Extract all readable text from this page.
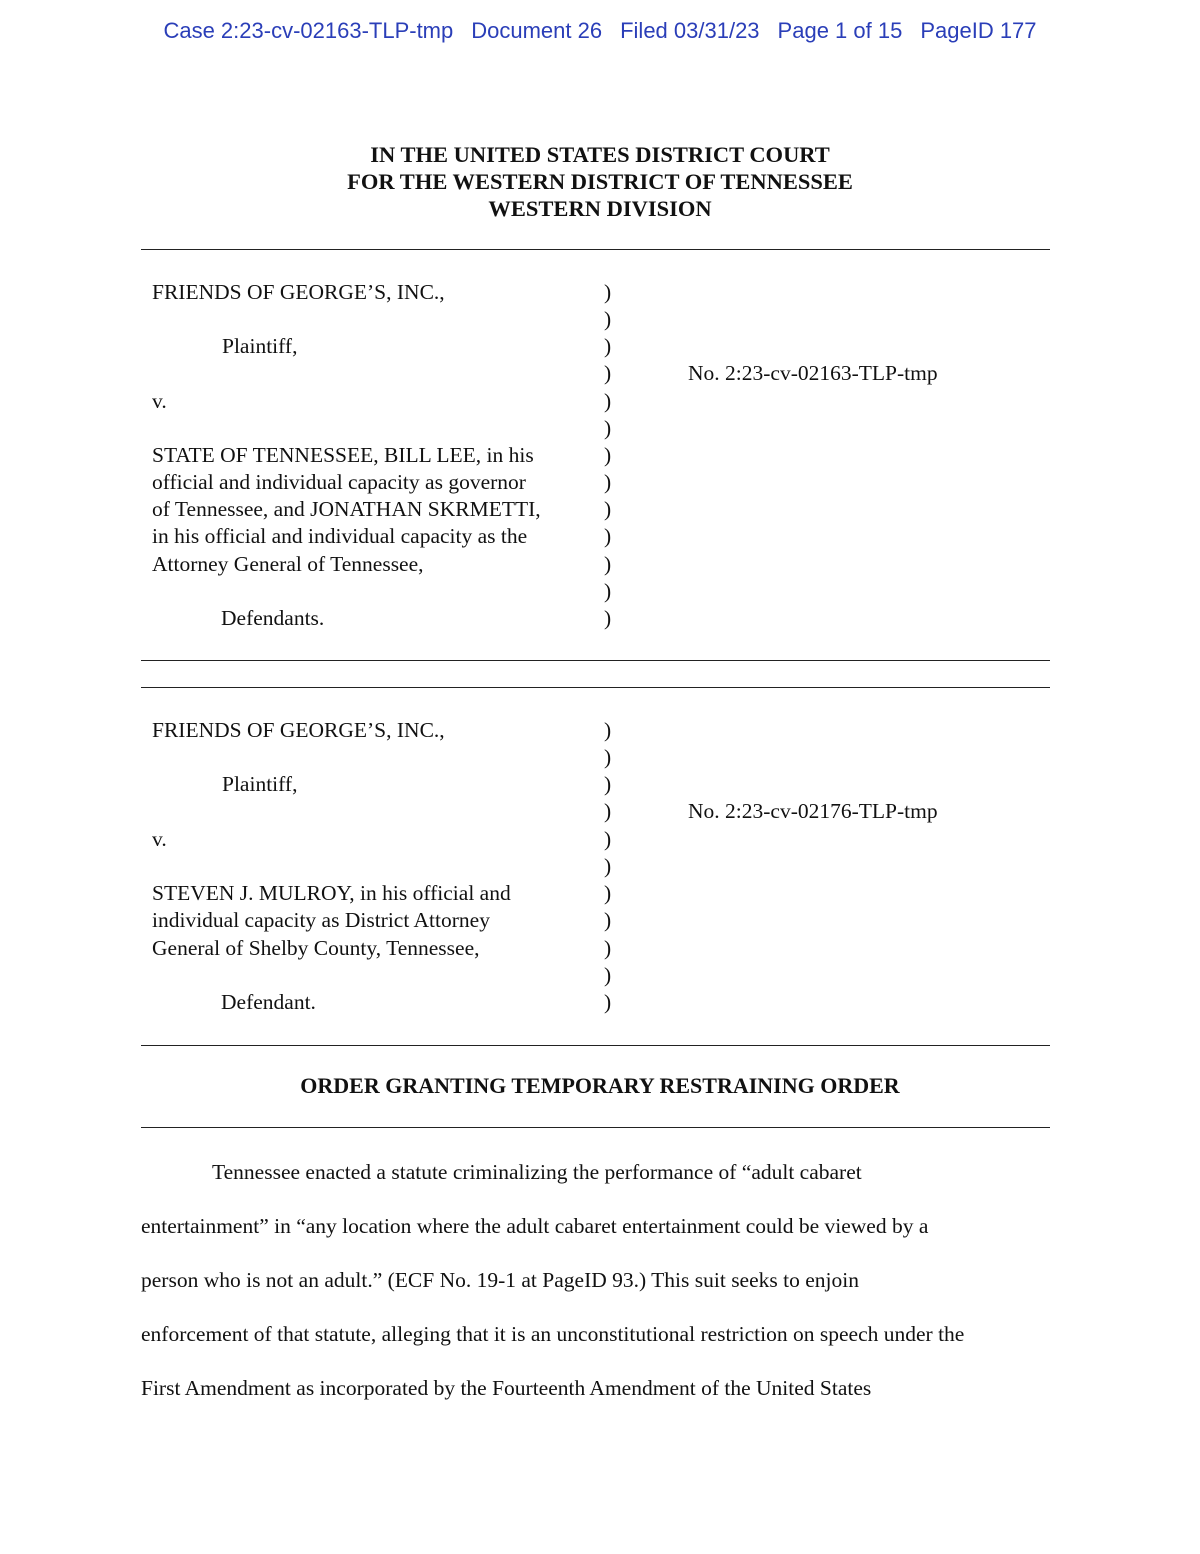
Case 2:23-cv-02163-TLP-tmp Document 26 Filed 03/31/23 Page 1 of 15 PageID 177
IN THE UNITED STATES DISTRICT COURT
FOR THE WESTERN DISTRICT OF TENNESSEE
WESTERN DIVISION
FRIENDS OF GEORGE’S, INC.,
Plaintiff,
v.
STATE OF TENNESSEE, BILL LEE, in his
official and individual capacity as governor
of Tennessee, and JONATHAN SKRMETTI,
in his official and individual capacity as the
Attorney General of Tennessee,
Defendants.
No. 2:23-cv-02163-TLP-tmp
)
)
)
)
)
)
)
)
)
)
)
)
)
FRIENDS OF GEORGE’S, INC.,
Plaintiff,
v.
STEVEN J. MULROY, in his official and
individual capacity as District Attorney
General of Shelby County, Tennessee,
Defendant.
No. 2:23-cv-02176-TLP-tmp
)
)
)
)
)
)
)
)
)
)
)
ORDER GRANTING TEMPORARY RESTRAINING ORDER
Tennessee enacted a statute criminalizing the performance of “adult cabaret
entertainment” in “any location where the adult cabaret entertainment could be viewed by a
person who is not an adult.” (ECF No. 19-1 at PageID 93.) This suit seeks to enjoin
enforcement of that statute, alleging that it is an unconstitutional restriction on speech under the
First Amendment as incorporated by the Fourteenth Amendment of the United States
